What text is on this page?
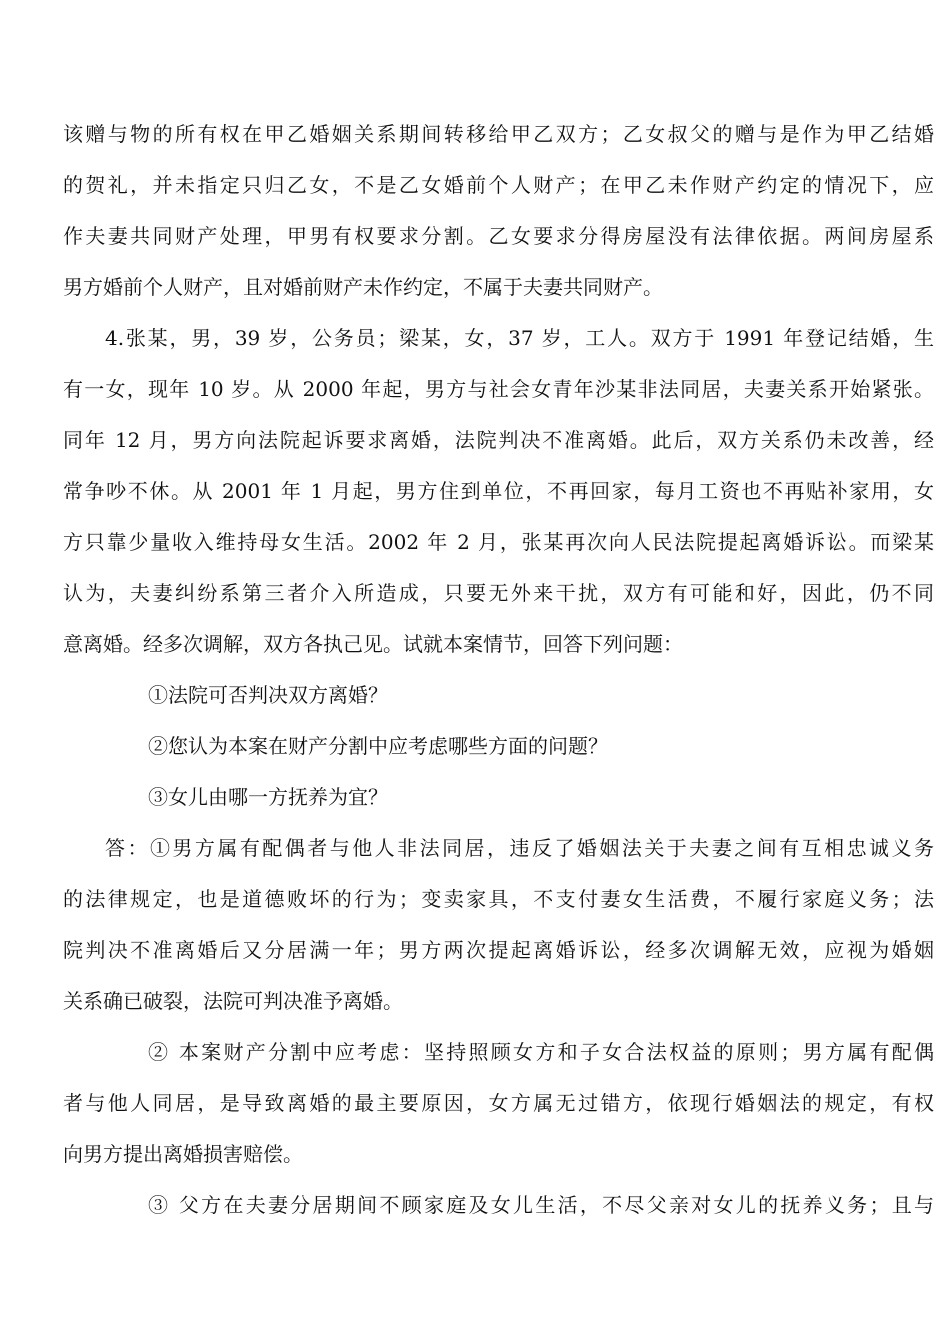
该赠与物的所有权在甲乙婚姻关系期间转移给甲乙双方；乙女叔父的赠与是作为甲乙结婚
的贺礼，并未指定只归乙女，不是乙女婚前个人财产；在甲乙未作财产约定的情况下，应
作夫妻共同财产处理，甲男有权要求分割。乙女要求分得房屋没有法律依据。两间房屋系
男方婚前个人财产，且对婚前财产未作约定，不属于夫妻共同财产。
4.张某，男，39 岁，公务员；梁某，女，37 岁，工人。双方于 1991 年登记结婚，生
有一女，现年 10 岁。从 2000 年起，男方与社会女青年沙某非法同居，夫妻关系开始紧张。
同年 12 月，男方向法院起诉要求离婚，法院判决不准离婚。此后，双方关系仍未改善，经
常争吵不休。从 2001 年 1 月起，男方住到单位，不再回家，每月工资也不再贴补家用，女
方只靠少量收入维持母女生活。2002 年 2 月，张某再次向人民法院提起离婚诉讼。而梁某
认为，夫妻纠纷系第三者介入所造成，只要无外来干扰，双方有可能和好，因此，仍不同
意离婚。经多次调解，双方各执己见。试就本案情节，回答下列问题：
①法院可否判决双方离婚？
②您认为本案在财产分割中应考虑哪些方面的问题？
③女儿由哪一方抚养为宜？
答：①男方属有配偶者与他人非法同居，违反了婚姻法关于夫妻之间有互相忠诚义务
的法律规定，也是道德败坏的行为；变卖家具，不支付妻女生活费，不履行家庭义务；法
院判决不准离婚后又分居满一年；男方两次提起离婚诉讼，经多次调解无效，应视为婚姻
关系确已破裂，法院可判决准予离婚。
② 本案财产分割中应考虑：坚持照顾女方和子女合法权益的原则；男方属有配偶
者与他人同居，是导致离婚的最主要原因，女方属无过错方，依现行婚姻法的规定，有权
向男方提出离婚损害赔偿。
③ 父方在夫妻分居期间不顾家庭及女儿生活，不尽父亲对女儿的抚养义务；且与
